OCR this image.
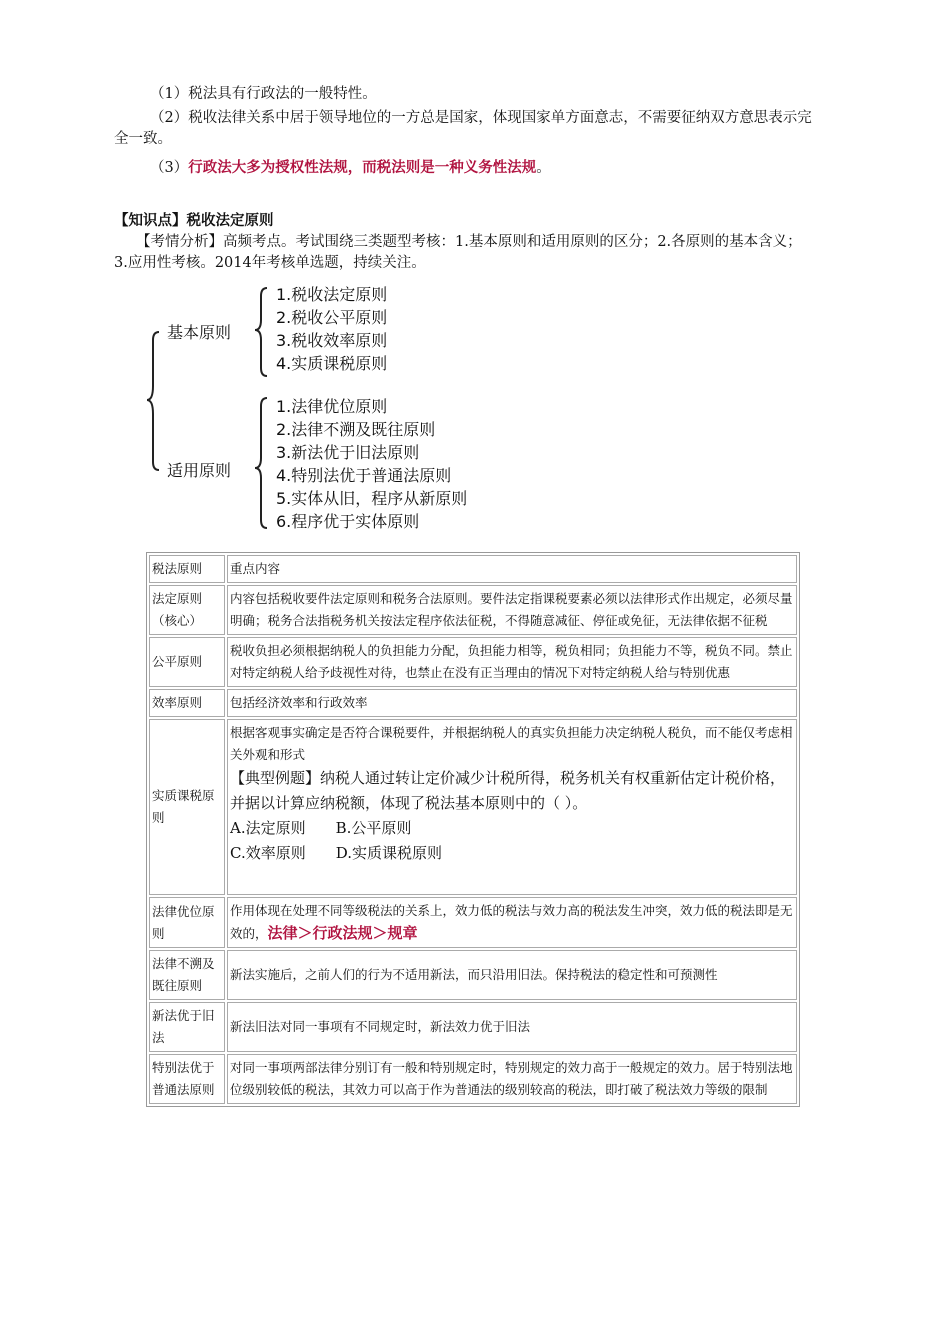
（1）税法具有行政法的一般特性。
（2）税收法律关系中居于领导地位的一方总是国家，体现国家单方面意志，不需要征纳双方意思表示完全一致。
（3）行政法大多为授权性法规，而税法则是一种义务性法规。
【知识点】税收法定原则
【考情分析】高频考点。考试围绕三类题型考核：1.基本原则和适用原则的区分；2.各原则的基本含义；3.应用性考核。2014年考核单选题，持续关注。
基本原则
1.税收法定原则
2.税收公平原则
3.税收效率原则
4.实质课税原则
适用原则
1.法律优位原则
2.法律不溯及既往原则
3.新法优于旧法原则
4.特别法优于普通法原则
5.实体从旧，程序从新原则
6.程序优于实体原则
税法原则	重点内容
法定原则（核心）	内容包括税收要件法定原则和税务合法原则。要件法定指课税要素必须以法律形式作出规定，必须尽量明确；税务合法指税务机关按法定程序依法征税，不得随意减征、停征或免征，无法律依据不征税
公平原则	税收负担必须根据纳税人的负担能力分配，负担能力相等，税负相同；负担能力不等，税负不同。禁止对特定纳税人给予歧视性对待，也禁止在没有正当理由的情况下对特定纳税人给与特别优惠
效率原则	包括经济效率和行政效率
实质课税原则	根据客观事实确定是否符合课税要件，并根据纳税人的真实负担能力决定纳税人税负，而不能仅考虑相关外观和形式
【典型例题】纳税人通过转让定价减少计税所得，税务机关有权重新估定计税价格，并据以计算应纳税额，体现了税法基本原则中的（ ）。
A.法定原则 B.公平原则
C.效率原则 D.实质课税原则

法律优位原则	作用体现在处理不同等级税法的关系上，效力低的税法与效力高的税法发生冲突，效力低的税法即是无效的，法律＞行政法规＞规章
法律不溯及既往原则	新法实施后，之前人们的行为不适用新法，而只沿用旧法。保持税法的稳定性和可预测性
新法优于旧法	新法旧法对同一事项有不同规定时，新法效力优于旧法
特别法优于普通法原则	对同一事项两部法律分别订有一般和特别规定时，特别规定的效力高于一般规定的效力。居于特别法地位级别较低的税法，其效力可以高于作为普通法的级别较高的税法，即打破了税法效力等级的限制
